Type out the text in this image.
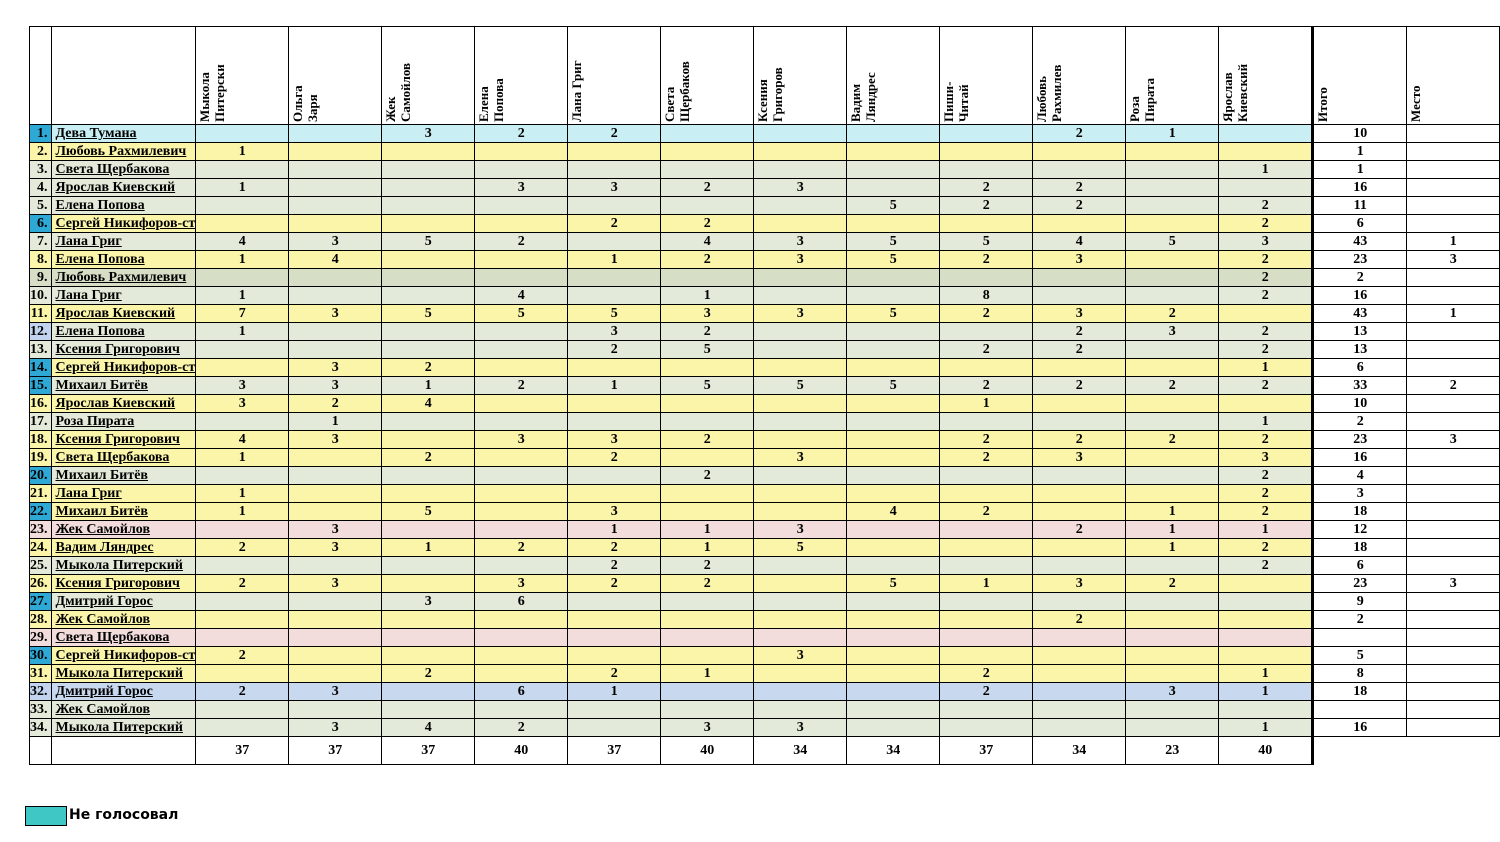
		Мыкола Питерски	Ольга Заря	Жек Самойлов	Елена Попова	Лана Григ	Света Щербаков	Ксения Григоров	Вадим Ляндрес	Пиши- Читай	Любовь Рахмилев	Роза Пирата	Ярослав Киевский	Итого	Место

1.	Дева Тумана			3	2	2					2	1		10	
2.	Любовь Рахмилевич	1												1	
3.	Света Щербакова												1	1	
4.	Ярослав Киевский	1			3	3	2	3		2	2			16	
5.	Елена Попова								5	2	2		2	11	
6.	Сергей Никифоров-ст					2	2						2	6	
7.	Лана Григ	4	3	5	2		4	3	5	5	4	5	3	43	1
8.	Елена Попова	1	4			1	2	3	5	2	3		2	23	3
9.	Любовь Рахмилевич												2	2	
10.	Лана Григ	1			4		1			8			2	16	
11.	Ярослав Киевский	7	3	5	5	5	3	3	5	2	3	2		43	1
12.	Елена Попова	1				3	2				2	3	2	13	
13.	Ксения Григорович					2	5			2	2		2	13	
14.	Сергей Никифоров-ст		3	2									1	6	
15.	Михаил Битёв	3	3	1	2	1	5	5	5	2	2	2	2	33	2
16.	Ярослав Киевский	3	2	4						1				10	
17.	Роза Пирата		1										1	2	
18.	Ксения Григорович	4	3		3	3	2			2	2	2	2	23	3
19.	Света Щербакова	1		2		2		3		2	3		3	16	
20.	Михаил Битёв						2						2	4	
21.	Лана Григ	1											2	3	
22.	Михаил Битёв	1		5		3			4	2		1	2	18	
23.	Жек Самойлов		3			1	1	3			2	1	1	12	
24.	Вадим Ляндрес	2	3	1	2	2	1	5				1	2	18	
25.	Мыкола Питерский					2	2						2	6	
26.	Ксения Григорович	2	3		3	2	2		5	1	3	2		23	3
27.	Дмитрий Горос			3	6									9	
28.	Жек Самойлов										2			2	
29.	Света Щербакова														
30.	Сергей Никифоров-ст	2						3						5	
31.	Мыкола Питерский			2		2	1			2			1	8	
32.	Дмитрий Горос	2	3		6	1				2		3	1	18	
33.	Жек Самойлов														
34.	Мыкола Питерский		3	4	2		3	3					1	16	
		37	37	37	40	37	40	34	34	37	34	23	40		
Не голосовал
